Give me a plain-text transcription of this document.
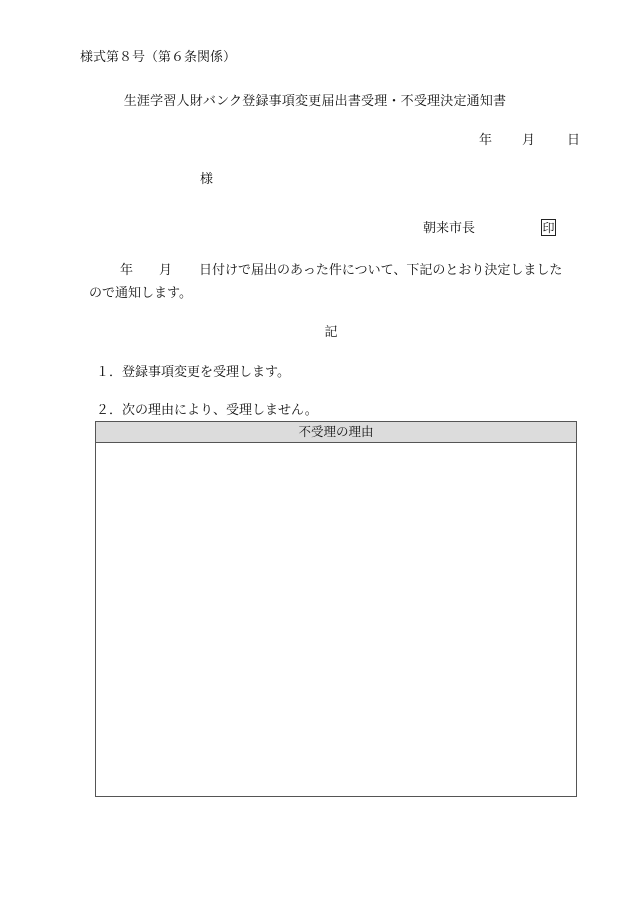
様式第８号（第６条関係）
生涯学習人財バンク登録事項変更届出書受理・不受理決定通知書
年 月 日
様
朝来市長	印
年 月 日付けで届出のあった件について、下記のとおり決定しました
ので通知します。
記
１．登録事項変更を受理します。
２．次の理由により、受理しません。
不受理の理由
